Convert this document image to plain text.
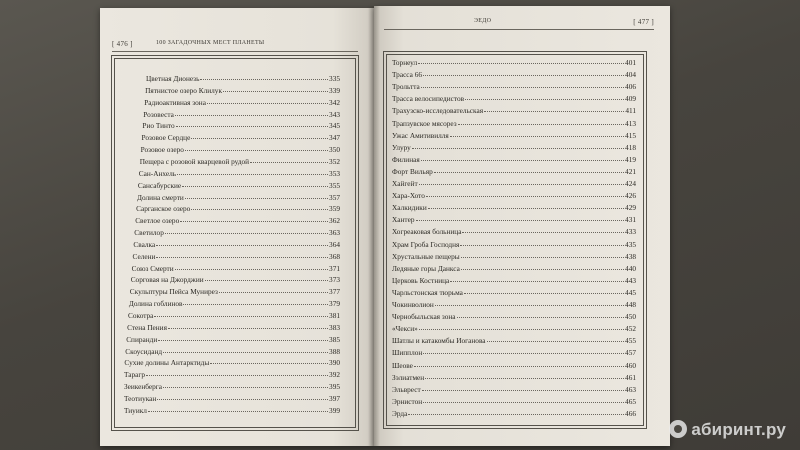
[ 476 ]	100 ЗАГАДОЧНЫХ МЕСТ ПЛАНЕТЫ
ЭЕДО	[ 477 ]
Цветная Дионезь	335
Пятнистое озеро Клилук	339
Радиоактивная зона	342
Розовеста	343
Рио Тинто	345
Розовое Сердце	347
Розовое озеро	350
Пещера с розовой кварцевой рудой	352
Сан-Анхель	353
Сансабурские	355
Долина смерти	357
Сарганское озеро	359
Светлое озеро	362
Светилор	363
Свалка	364
Селени	368
Союз Смерти	371
Сорговая на Джорджии	373
Скульптуры Пейса Мунирез	377
Долина гоблинов	379
Сокотра	381
Стена Пения	383
Спиранди	385
Скоусиданд	388
Сухие долины Антарктиды	390
Тарагр	392
Зеикенберга	395
Теотиукан	397
Тиуикл	399
Торнеул	401
Трасса 66	404
Трольтта	406
Трасса велосипедистов	409
Трахузско-исследовательская	411
Трапзувское мясорез	413
Ужас Амитивилля	415
Улуру	418
Филиная	419
Форт Вильяр	421
Хайгейт	424
Хара-Хото	426
Халкидики	429
Хантер	431
Хогреаковая больница	433
Храм Гроба Господня	435
Хрустальные пещеры	438
Ледяные горы Данкса	440
Церковь Костница	443
Чарльстонская тюрьма	445
Чокинволион	448
Чернобыльская зона	450
«Чекси»	452
Шатлы и катакомбы Иоганова	455
Шипплон	457
Шеове	460
Зэлиатмен	461
Эльврест	463
Эрнистон	465
Эрда	466
абиринт.ру
